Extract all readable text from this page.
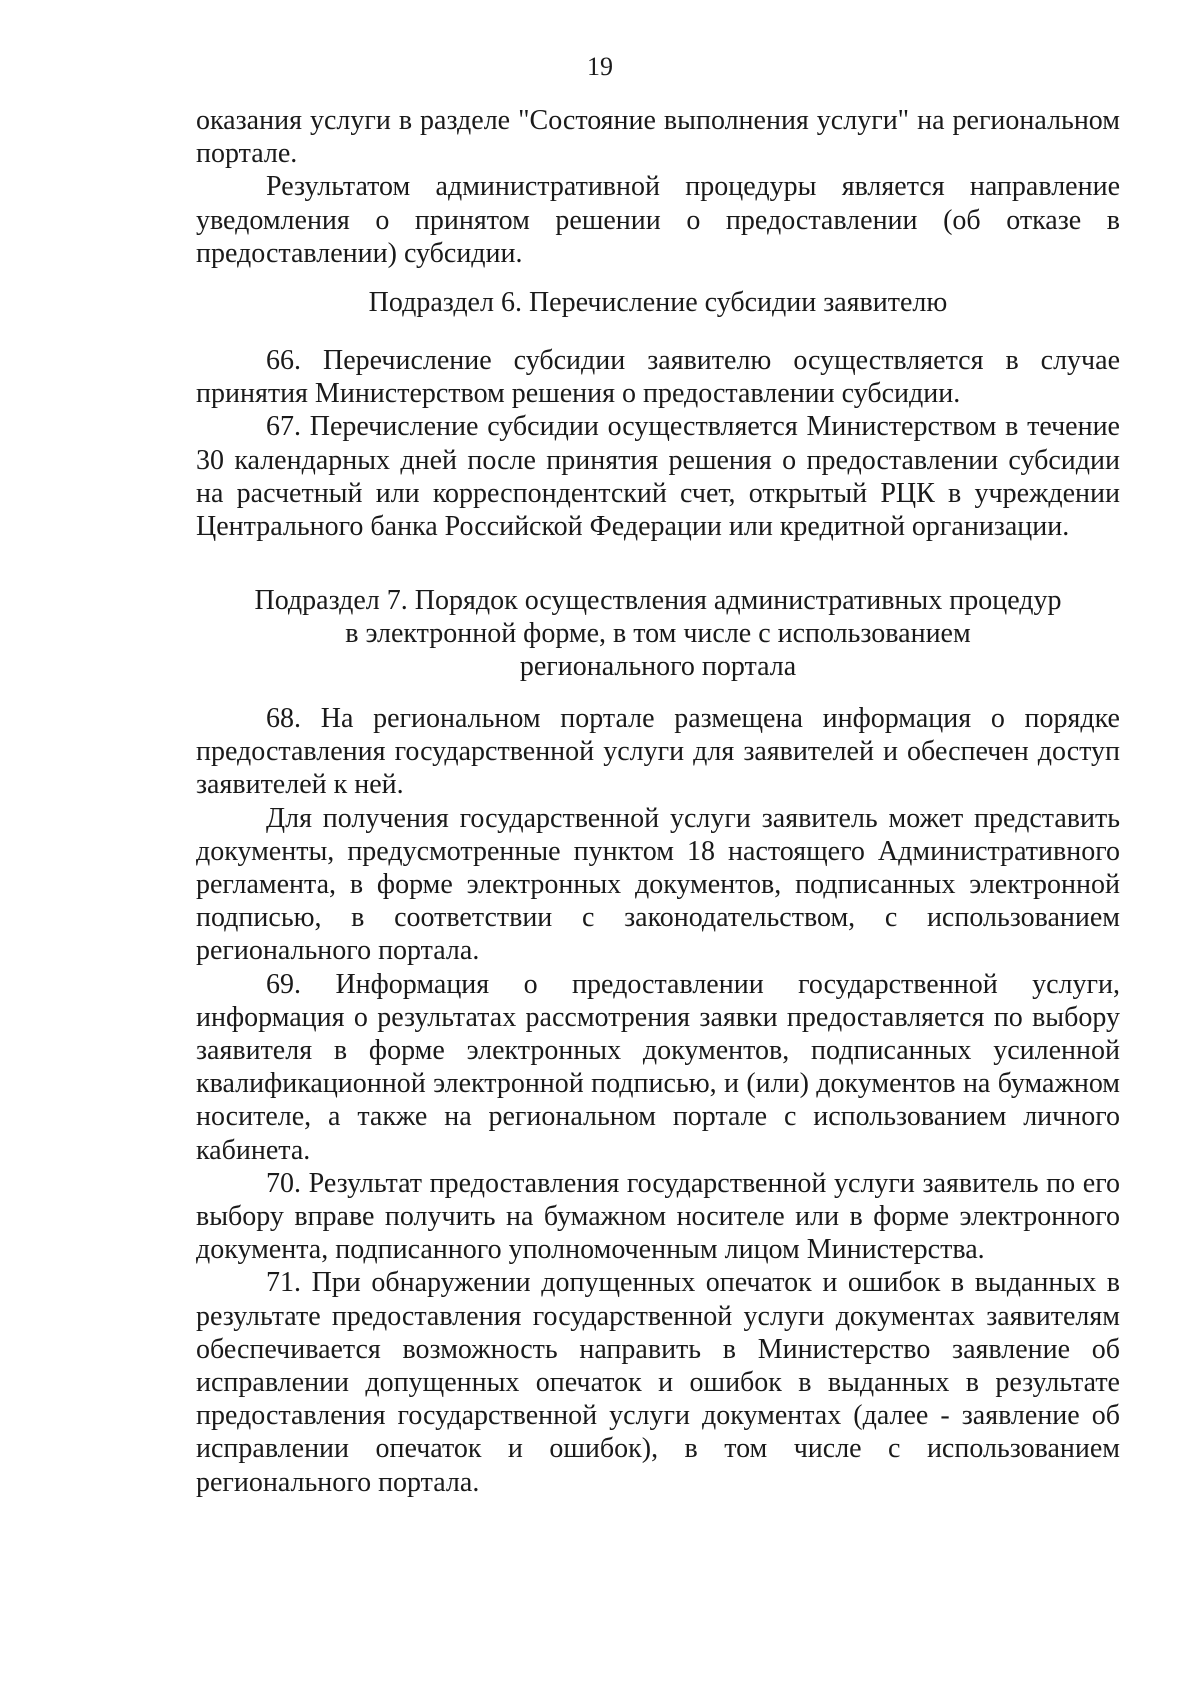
19

оказания услуги в разделе "Состояние выполнения услуги" на региональном портале.

Результатом административной процедуры является направление уведомления о принятом решении о предоставлении (об отказе в предоставлении) субсидии.

Подраздел 6. Перечисление субсидии заявителю

66. Перечисление субсидии заявителю осуществляется в случае принятия Министерством решения о предоставлении субсидии.

67. Перечисление субсидии осуществляется Министерством в течение 30 календарных дней после принятия решения о предоставлении субсидии на расчетный или корреспондентский счет, открытый РЦК в учреждении Центрального банка Российской Федерации или кредитной организации.

Подраздел 7. Порядок осуществления административных процедур

в электронной форме, в том числе с использованием

регионального портала

68. На региональном портале размещена информация о порядке предоставления государственной услуги для заявителей и обеспечен доступ заявителей к ней.

Для получения государственной услуги заявитель может представить документы, предусмотренные пунктом 18 настоящего Административного регламента, в форме электронных документов, подписанных электронной подписью, в соответствии с законодательством, с использованием регионального портала.

69. Информация о предоставлении государственной услуги, информация о результатах рассмотрения заявки предоставляется по выбору заявителя в форме электронных документов, подписанных усиленной квалификационной электронной подписью, и (или) документов на бумажном носителе, а также на региональном портале с использованием личного кабинета.

70. Результат предоставления государственной услуги заявитель по его выбору вправе получить на бумажном носителе или в форме электронного документа, подписанного уполномоченным лицом Министерства.

71. При обнаружении допущенных опечаток и ошибок в выданных в результате предоставления государственной услуги документах заявителям обеспечивается возможность направить в Министерство заявление об исправлении допущенных опечаток и ошибок в выданных в результате предоставления государственной услуги документах (далее - заявление об исправлении опечаток и ошибок), в том числе с использованием регионального портала.
